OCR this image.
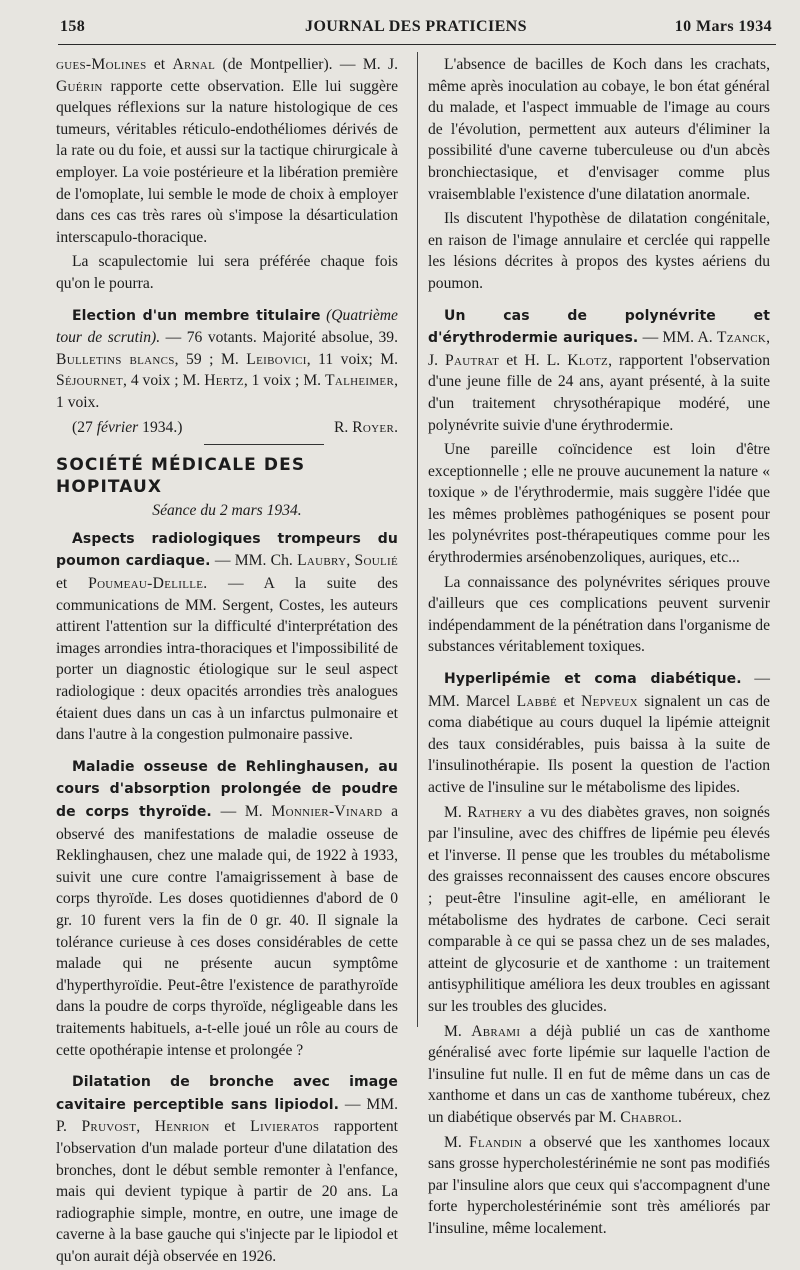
158	JOURNAL DES PRATICIENS	10 Mars 1934

gues-Molines et Arnal (de Montpellier). — M. J. Guérin rapporte cette observation. Elle lui suggère quelques réflexions sur la nature histologique de ces tumeurs, véritables réticulo-endothéliomes dérivés de la rate ou du foie, et aussi sur la tactique chirurgicale à employer. La voie postérieure et la libération première de l'omoplate, lui semble le mode de choix à employer dans ces cas très rares où s'impose la désarticulation interscapulo-thoracique.

La scapulectomie lui sera préférée chaque fois qu'on le pourra.

Election d'un membre titulaire (Quatrième tour de scrutin). — 76 votants. Majorité absolue, 39. Bulletins blancs, 59 ; M. Leibovici, 11 voix; M. Séjournet, 4 voix ; M. Hertz, 1 voix ; M. Talheimer, 1 voix.

(27 février 1934.)	R. Royer.
SOCIÉTÉ MÉDICALE DES HOPITAUX
Séance du 2 mars 1934.

Aspects radiologiques trompeurs du poumon cardiaque. — MM. Ch. Laubry, Soulié et Poumeau-Delille. — A la suite des communications de MM. Sergent, Costes, les auteurs attirent l'attention sur la difficulté d'interprétation des images arrondies intra-thoraciques et l'impossibilité de porter un diagnostic étiologique sur le seul aspect radiologique : deux opacités arrondies très analogues étaient dues dans un cas à un infarctus pulmonaire et dans l'autre à la congestion pulmonaire passive.

Maladie osseuse de Rehlinghausen, au cours d'absorption prolongée de poudre de corps thyroïde. — M. Monnier-Vinard a observé des manifestations de maladie osseuse de Reklinghausen, chez une malade qui, de 1922 à 1933, suivit une cure contre l'amaigrissement à base de corps thyroïde. Les doses quotidiennes d'abord de 0 gr. 10 furent vers la fin de 0 gr. 40. Il signale la tolérance curieuse à ces doses considérables de cette malade qui ne présente aucun symptôme d'hyperthyroïdie. Peut-être l'existence de parathyroïde dans la poudre de corps thyroïde, négligeable dans les traitements habituels, a-t-elle joué un rôle au cours de cette opothérapie intense et prolongée ?

Dilatation de bronche avec image cavitaire perceptible sans lipiodol. — MM. P. Pruvost, Henrion et Livieratos rapportent l'observation d'un malade porteur d'une dilatation des bronches, dont le début semble remonter à l'enfance, mais qui devient typique à partir de 20 ans. La radiographie simple, montre, en outre, une image de caverne à la base gauche qui s'injecte par le lipiodol et qu'on aurait déjà observée en 1926.

L'absence de bacilles de Koch dans les crachats, même après inoculation au cobaye, le bon état général du malade, et l'aspect immuable de l'image au cours de l'évolution, permettent aux auteurs d'éliminer la possibilité d'une caverne tuberculeuse ou d'un abcès bronchiectasique, et d'envisager comme plus vraisemblable l'existence d'une dilatation anormale.

Ils discutent l'hypothèse de dilatation congénitale, en raison de l'image annulaire et cerclée qui rappelle les lésions décrites à propos des kystes aériens du poumon.

Un cas de polynévrite et d'érythrodermie auriques. — MM. A. Tzanck, J. Pautrat et H. L. Klotz, rapportent l'observation d'une jeune fille de 24 ans, ayant présenté, à la suite d'un traitement chrysothérapique modéré, une polynévrite suivie d'une érythrodermie.

Une pareille coïncidence est loin d'être exceptionnelle ; elle ne prouve aucunement la nature « toxique » de l'érythrodermie, mais suggère l'idée que les mêmes problèmes pathogéniques se posent pour les polynévrites post-thérapeutiques comme pour les érythrodermies arsénobenzoliques, auriques, etc...

La connaissance des polynévrites sériques prouve d'ailleurs que ces complications peuvent survenir indépendamment de la pénétration dans l'organisme de substances véritablement toxiques.

Hyperlipémie et coma diabétique. — MM. Marcel Labbé et Nepveux signalent un cas de coma diabétique au cours duquel la lipémie atteignit des taux considérables, puis baissa à la suite de l'insulinothérapie. Ils posent la question de l'action active de l'insuline sur le métabolisme des lipides.

M. Rathery a vu des diabètes graves, non soignés par l'insuline, avec des chiffres de lipémie peu élevés et l'inverse. Il pense que les troubles du métabolisme des graisses reconnaissent des causes encore obscures ; peut-être l'insuline agit-elle, en améliorant le métabolisme des hydrates de carbone. Ceci serait comparable à ce qui se passa chez un de ses malades, atteint de glycosurie et de xanthome : un traitement antisyphilitique améliora les deux troubles en agissant sur les troubles des glucides.

M. Abrami a déjà publié un cas de xanthome généralisé avec forte lipémie sur laquelle l'action de l'insuline fut nulle. Il en fut de même dans un cas de xanthome et dans un cas de xanthome tubéreux, chez un diabétique observés par M. Chabrol.

M. Flandin a observé que les xanthomes locaux sans grosse hypercholestérinémie ne sont pas modifiés par l'insuline alors que ceux qui s'accompagnent d'une forte hypercholestérinémie sont très améliorés par l'insuline, même localement.
